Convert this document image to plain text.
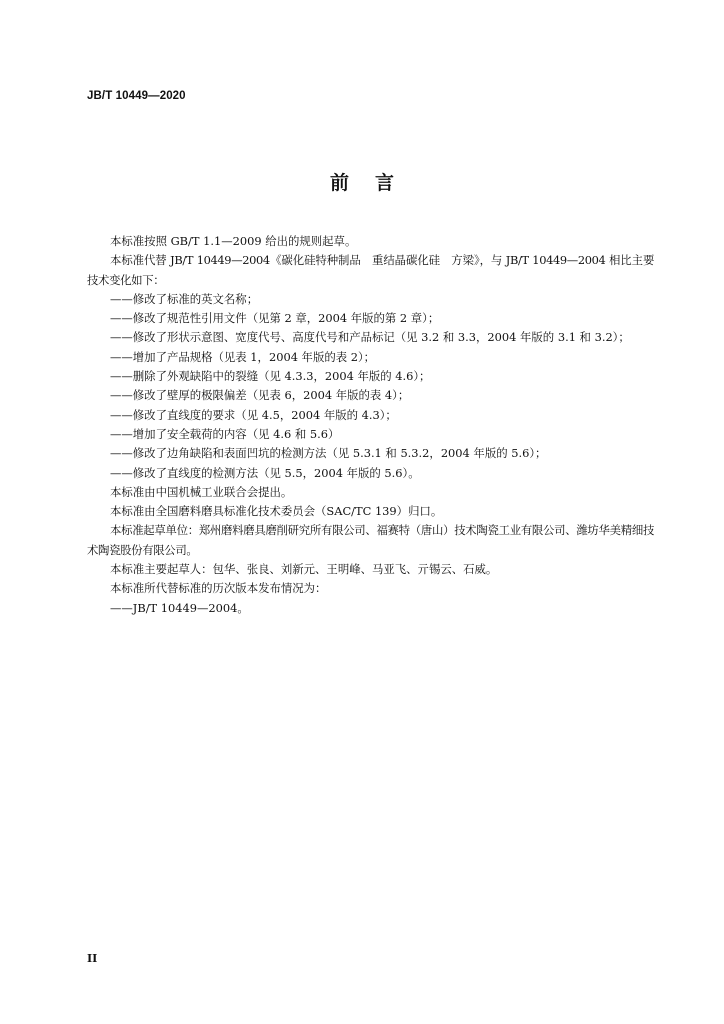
JB/T 10449—2020
前言

本标准按照 GB/T 1.1—2009 给出的规则起草。

本标准代替 JB/T 10449—2004《碳化硅特种制品　重结晶碳化硅　方梁》，与 JB/T 10449—2004 相比主要技术变化如下：

——修改了标准的英文名称；

——修改了规范性引用文件（见第 2 章，2004 年版的第 2 章）；

——修改了形状示意图、宽度代号、高度代号和产品标记（见 3.2 和 3.3，2004 年版的 3.1 和 3.2）；

——增加了产品规格（见表 1，2004 年版的表 2）；

——删除了外观缺陷中的裂缝（见 4.3.3，2004 年版的 4.6）；

——修改了壁厚的极限偏差（见表 6，2004 年版的表 4）；

——修改了直线度的要求（见 4.5，2004 年版的 4.3）；

——增加了安全载荷的内容（见 4.6 和 5.6）

——修改了边角缺陷和表面凹坑的检测方法（见 5.3.1 和 5.3.2，2004 年版的 5.6）；

——修改了直线度的检测方法（见 5.5，2004 年版的 5.6）。

本标准由中国机械工业联合会提出。

本标准由全国磨料磨具标准化技术委员会（SAC/TC 139）归口。

本标准起草单位：郑州磨料磨具磨削研究所有限公司、福赛特（唐山）技术陶瓷工业有限公司、潍坊华美精细技术陶瓷股份有限公司。

本标准主要起草人：包华、张良、刘新元、王明峰、马亚飞、亓锡云、石威。

本标准所代替标准的历次版本发布情况为：

——JB/T 10449—2004。

II
